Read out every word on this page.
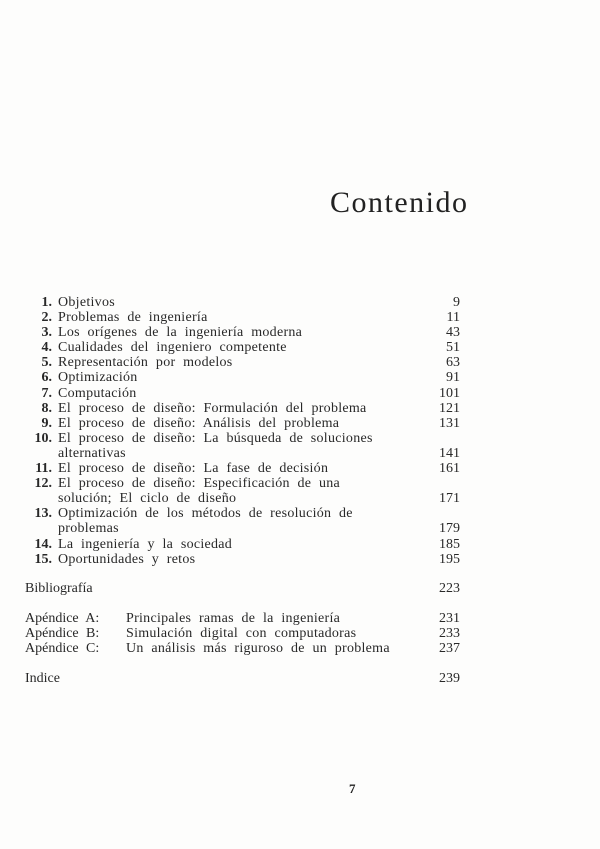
Contenido
1. Objetivos	9
2. Problemas de ingeniería	11
3. Los orígenes de la ingeniería moderna	43
4. Cualidades del ingeniero competente	51
5. Representación por modelos	63
6. Optimización	91
7. Computación	101
8. El proceso de diseño: Formulación del problema	121
9. El proceso de diseño: Análisis del problema	131
10. El proceso de diseño: La búsqueda de soluciones
alternativas	141
11. El proceso de diseño: La fase de decisión	161
12. El proceso de diseño: Especificación de una
solución; El ciclo de diseño	171
13. Optimización de los métodos de resolución de
problemas	179
14. La ingeniería y la sociedad	185
15. Oportunidades y retos	195
Bibliografía	223
Apéndice A:	Principales ramas de la ingeniería	231
Apéndice B:	Simulación digital con computadoras	233
Apéndice C:	Un análisis más riguroso de un problema	237
Indice	239
7
